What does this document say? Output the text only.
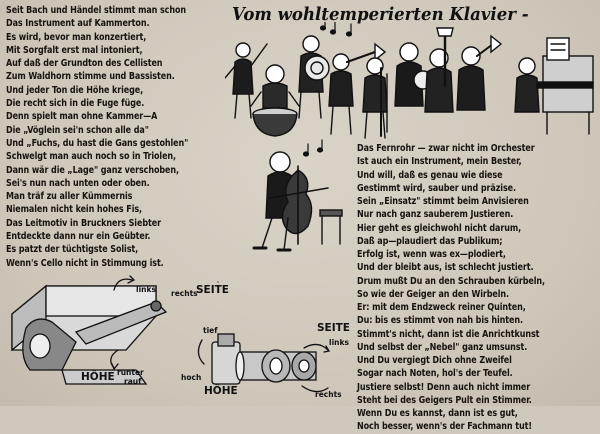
Seit Bach und Händel stimmt man schon
Das Instrument auf Kammerton.
Es wird, bevor man konzertiert,
Mit Sorgfalt erst mal intoniert,
Auf daß der Grundton des Cellisten
Zum Waldhorn stimme und Bassisten.
Und jeder Ton die Höhe kriege,
Die recht sich in die Fuge füge.
Denn spielt man ohne Kammer—A
Die „Vöglein sei'n schon alle da"
Und „Fuchs, du hast die Gans gestohlen"
Schwelgt man auch noch so in Triolen,
Dann wär die „Lage" ganz verschoben,
Sei's nun nach unten oder oben.
Man träf zu aller Kümmernis
Niemalen nicht kein hohes Fis,
Das Leitmotiv in Bruckners Siebter
Entdeckte dann nur ein Geübter.
Es patzt der tüchtigste Solist,
Wenn's Cello nicht in Stimmung ist.
Vom wohltemperierten Klavier -
Das Fernrohr — zwar nicht im Orchester
Ist auch ein Instrument, mein Bester,
Und will, daß es genau wie diese
Gestimmt wird, sauber und präzise.
Sein „Einsatz" stimmt beim Anvisieren
Nur nach ganz sauberem Justieren.
Hier geht es gleichwohl nicht darum,
Daß ap—plaudiert das Publikum;
Erfolg ist, wenn was ex—plodiert,
Und der bleibt aus, ist schlecht justiert.
Drum mußt Du an den Schrauben kürbeln,
So wie der Geiger an den Wirbeln.
Er: mit dem Endzweck reiner Quinten,
Du: bis es stimmt von nah bis hinten.
Stimmt's nicht, dann ist die Anrichtkunst
Und selbst der „Nebel" ganz umsunst.
Und Du vergiegt Dich ohne Zweifel
Sogar nach Noten, hol's der Teufel.
Justiere selbst! Denn auch nicht immer
Steht bei des Geigers Pult ein Stimmer.
Wenn Du es kannst, dann ist es gut,
Noch besser, wenn's der Fachmann tut!
links rechts
SEITE
HÖHE runter
rauf
tief
hoch
HÖHE
SEITE
links
rechts
